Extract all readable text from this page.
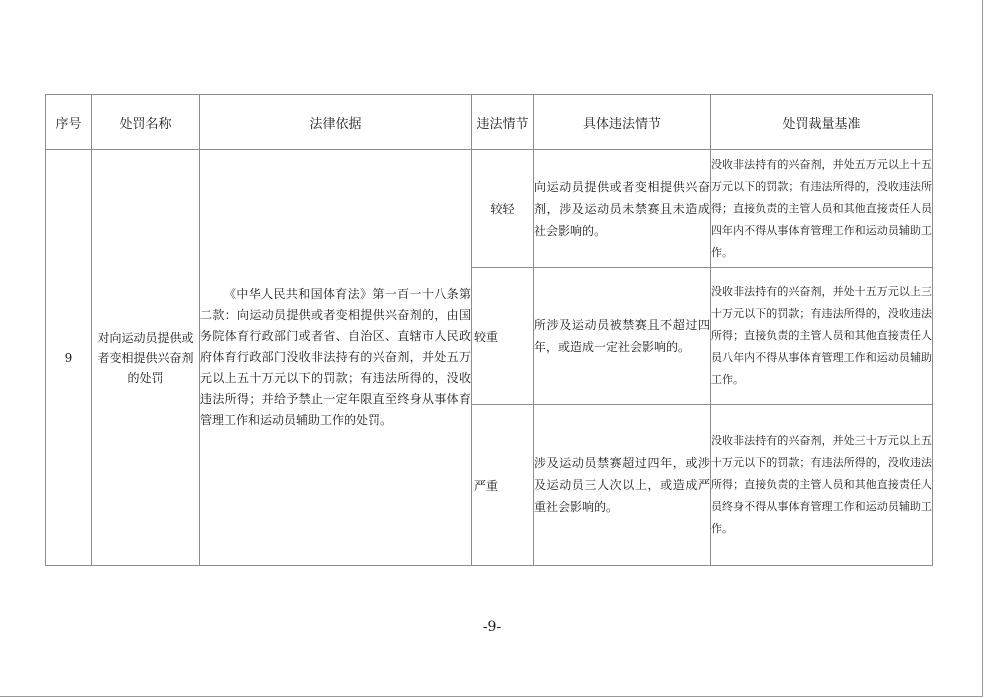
序号	处罚名称	法律依据	违法情节	具体违法情节	处罚裁量基准
9	对向运动员提供或者变相提供兴奋剂的处罚	《中华人民共和国体育法》第一百一十八条第二款：向运动员提供或者变相提供兴奋剂的，由国务院体育行政部门或者省、自治区、直辖市人民政府体育行政部门没收非法持有的兴奋剂，并处五万元以上五十万元以下的罚款；有违法所得的，没收违法所得；并给予禁止一定年限直至终身从事体育管理工作和运动员辅助工作的处罚。	较轻	向运动员提供或者变相提供兴奋剂，涉及运动员未禁赛且未造成社会影响的。	没收非法持有的兴奋剂，并处五万元以上十五万元以下的罚款；有违法所得的，没收违法所得；直接负责的主管人员和其他直接责任人员四年内不得从事体育管理工作和运动员辅助工作。
			较重	所涉及运动员被禁赛且不超过四年，或造成一定社会影响的。	没收非法持有的兴奋剂，并处十五万元以上三十万元以下的罚款；有违法所得的，没收违法所得；直接负责的主管人员和其他直接责任人员八年内不得从事体育管理工作和运动员辅助工作。
			严重	涉及运动员禁赛超过四年，或涉及运动员三人次以上，或造成严重社会影响的。	没收非法持有的兴奋剂，并处三十万元以上五十万元以下的罚款；有违法所得的，没收违法所得；直接负责的主管人员和其他直接责任人员终身不得从事体育管理工作和运动员辅助工作。
-9-
